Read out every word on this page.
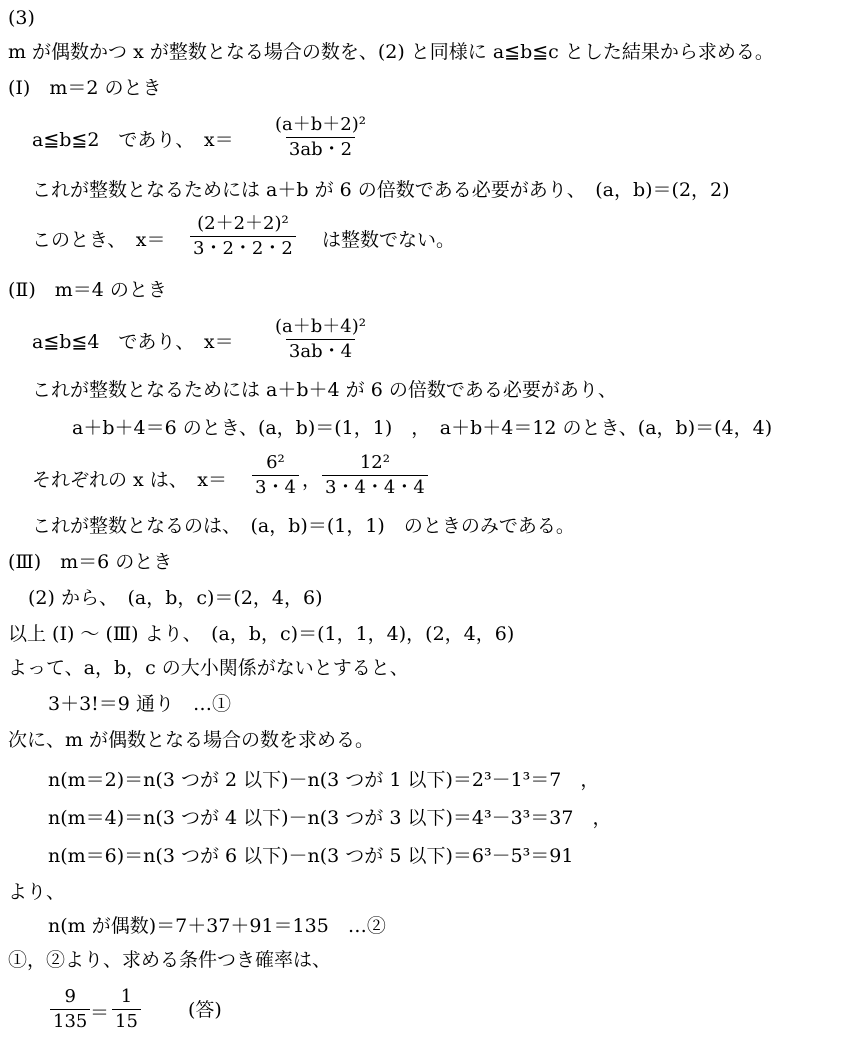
(3)
m が偶数かつ x が整数となる場合の数を、(2) と同様に a≦b≦c とした結果から求める。
(Ⅰ)　m＝2 のとき
a≦b≦2　であり、　$x= \frac{\text{(a＋b＋2)²}}{3ab・2}$
これが整数となるためには a＋b が 6 の倍数である必要があり、　(a，b)＝(2，2)
このとき、　$x= \frac{\text{(2＋2＋2)²}}{3・2・2・2}$ は整数でない。
(Ⅱ)　m＝4 のとき
a≦b≦4　であり、　$x= \frac{\text{(a＋b＋4)²}}{3ab・4}$
これが整数となるためには a＋b＋4 が 6 の倍数である必要があり、
a＋b＋4＝6 のとき、(a，b)＝(1，1)　，　a＋b＋4＝12 のとき、(a，b)＝(4，4)
それぞれの x は、　$x= \frac{\text{6²}}{3・4}$ ， $\frac{\text{12²}}{3・4・4・4}$
これが整数となるのは、　(a，b)＝(1，1)　のときのみである。
(Ⅲ)　m＝6 のとき
(2) から、　(a，b，c)＝(2，4，6)
以上 (Ⅰ) ～ (Ⅲ) より、　(a，b，c)＝(1，1，4)，(2，4，6)
よって、a，b，c の大小関係がないとすると、
3＋3!＝9 通り　…①
次に、m が偶数となる場合の数を求める。
n(m＝2)＝n(3 つが 2 以下)－n(3 つが 1 以下)＝2³－1³＝7　，
n(m＝4)＝n(3 つが 4 以下)－n(3 つが 3 以下)＝4³－3³＝37　，
n(m＝6)＝n(3 つが 6 以下)－n(3 つが 5 以下)＝6³－5³＝91
より、
n(m が偶数)＝7＋37＋91＝135　…②
①，②より、求める条件つき確率は、
$\frac{9}{135} = \frac{1}{15}$ (答)
